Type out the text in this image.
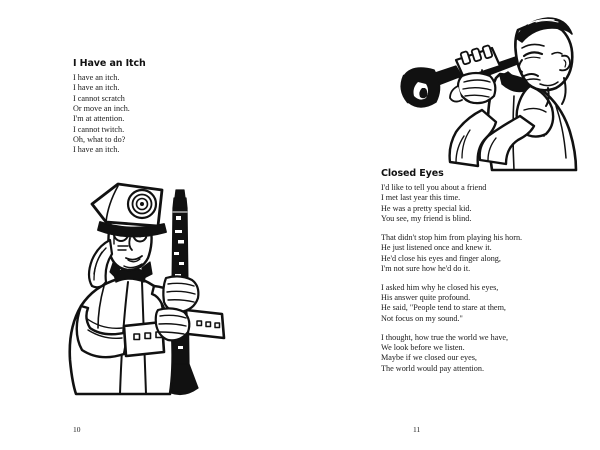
I Have an Itch
I have an itch.
I have an itch.
I cannot scratch
Or move an inch.
I'm at attention.
I cannot twitch.
Oh, what to do?
I have an itch.
10
Closed Eyes
I'd like to tell you about a friend
I met last year this time.
He was a pretty special kid.
You see, my friend is blind.
That didn't stop him from playing his horn.
He just listened once and knew it.
He'd close his eyes and finger along,
I'm not sure how he'd do it.
I asked him why he closed his eyes,
His answer quite profound.
He said, "People tend to stare at them,
Not focus on my sound."
I thought, how true the world we have,
We look before we listen.
Maybe if we closed our eyes,
The world would pay attention.
11
